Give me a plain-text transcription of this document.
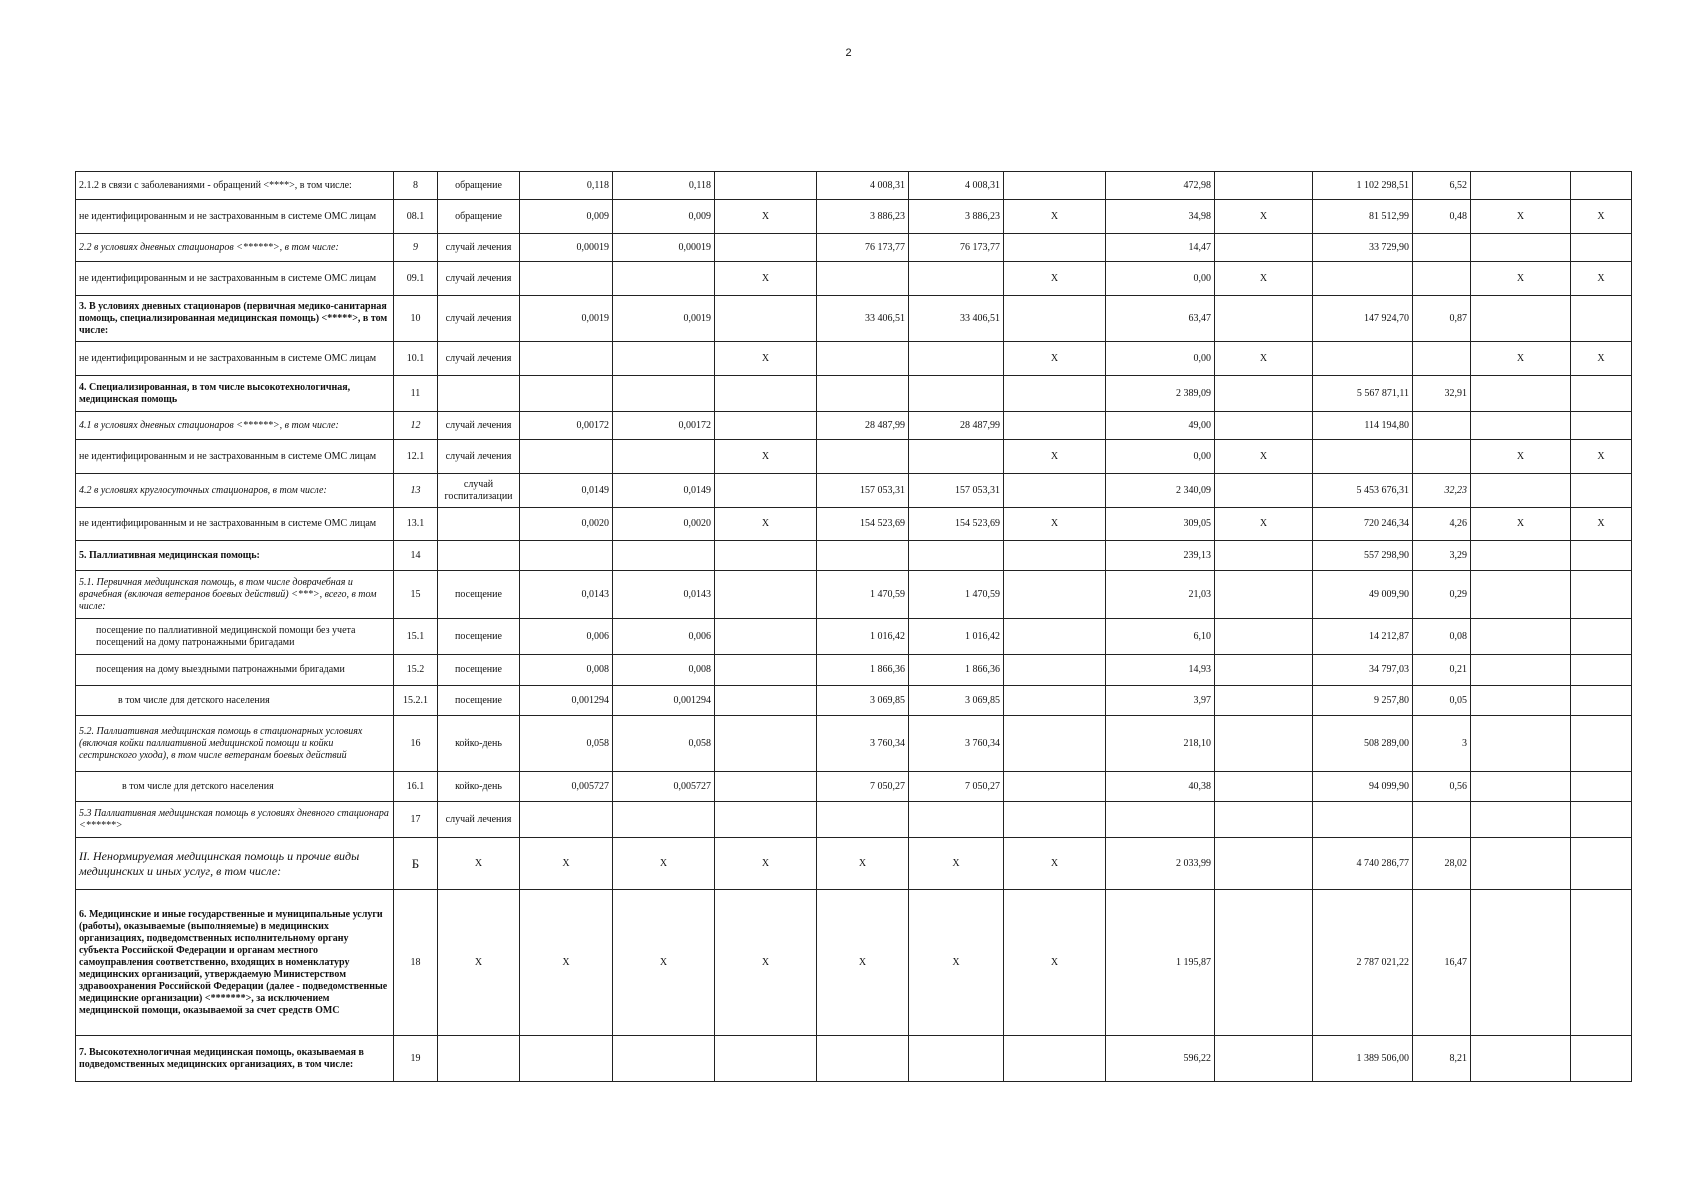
2
2.1.2 в связи с заболеваниями - обращений <****>, в том числе:	8	обращение	0,118	0,118		4 008,31	4 008,31		472,98		1 102 298,51	6,52		
не идентифицированным и не застрахованным в системе ОМС лицам	08.1	обращение	0,009	0,009	X	3 886,23	3 886,23	X	34,98	X	81 512,99	0,48	X	X
2.2 в условиях дневных стационаров <******>, в том числе:	9	случай лечения	0,00019	0,00019		76 173,77	76 173,77		14,47		33 729,90			
не идентифицированным и не застрахованным в системе ОМС лицам	09.1	случай лечения			X			X	0,00	X			X	X
3. В условиях дневных стационаров (первичная медико-санитарная помощь, специализированная медицинская помощь) <*****>, в том числе:	10	случай лечения	0,0019	0,0019		33 406,51	33 406,51		63,47		147 924,70	0,87		
не идентифицированным и не застрахованным в системе ОМС лицам	10.1	случай лечения			X			X	0,00	X			X	X
4. Специализированная, в том числе высокотехнологичная, медицинская помощь	11								2 389,09		5 567 871,11	32,91		
4.1 в условиях дневных стационаров <******>, в том числе:	12	случай лечения	0,00172	0,00172		28 487,99	28 487,99		49,00		114 194,80			
не идентифицированным и не застрахованным в системе ОМС лицам	12.1	случай лечения			X			X	0,00	X			X	X
4.2 в условиях круглосуточных стационаров, в том числе:	13	случай госпитализации	0,0149	0,0149		157 053,31	157 053,31		2 340,09		5 453 676,31	32,23		
не идентифицированным и не застрахованным в системе ОМС лицам	13.1		0,0020	0,0020	X	154 523,69	154 523,69	X	309,05	X	720 246,34	4,26	X	X
5. Паллиативная медицинская помощь:	14								239,13		557 298,90	3,29		
5.1. Первичная медицинская помощь, в том числе доврачебная и врачебная (включая ветеранов боевых действий) <***>, всего, в том числе:	15	посещение	0,0143	0,0143		1 470,59	1 470,59		21,03		49 009,90	0,29		
посещение по паллиативной медицинской помощи без учета посещений на дому патронажными бригадами	15.1	посещение	0,006	0,006		1 016,42	1 016,42		6,10		14 212,87	0,08		
посещения на дому выездными патронажными бригадами	15.2	посещение	0,008	0,008		1 866,36	1 866,36		14,93		34 797,03	0,21		
в том числе для детского населения	15.2.1	посещение	0,001294	0,001294		3 069,85	3 069,85		3,97		9 257,80	0,05		
5.2. Паллиативная медицинская помощь в стационарных условиях (включая койки паллиативной медицинской помощи и койки сестринского ухода), в том числе ветеранам боевых действий	16	койко-день	0,058	0,058		3 760,34	3 760,34		218,10		508 289,00	3		
в том числе для детского населения	16.1	койко-день	0,005727	0,005727		7 050,27	7 050,27		40,38		94 099,90	0,56		
5.3 Паллиативная медицинская помощь в условиях дневного стационара <******>	17	случай лечения												
II. Ненормируемая медицинская помощь и прочие виды медицинских и иных услуг, в том числе:	Б	X	X	X	X	X	X	X	2 033,99		4 740 286,77	28,02		
6. Медицинские и иные государственные и муниципальные услуги (работы), оказываемые (выполняемые) в медицинских организациях, подведомственных исполнительному органу субъекта Российской Федерации и органам местного самоуправления соответственно, входящих в номенклатуру медицинских организаций, утверждаемую Министерством здравоохранения Российской Федерации (далее - подведомственные медицинские организации) <*******>, за исключением медицинской помощи, оказываемой за счет средств ОМС	18	X	X	X	X	X	X	X	1 195,87		2 787 021,22	16,47		
7. Высокотехнологичная медицинская помощь, оказываемая в подведомственных медицинских организациях, в том числе:	19								596,22		1 389 506,00	8,21		
